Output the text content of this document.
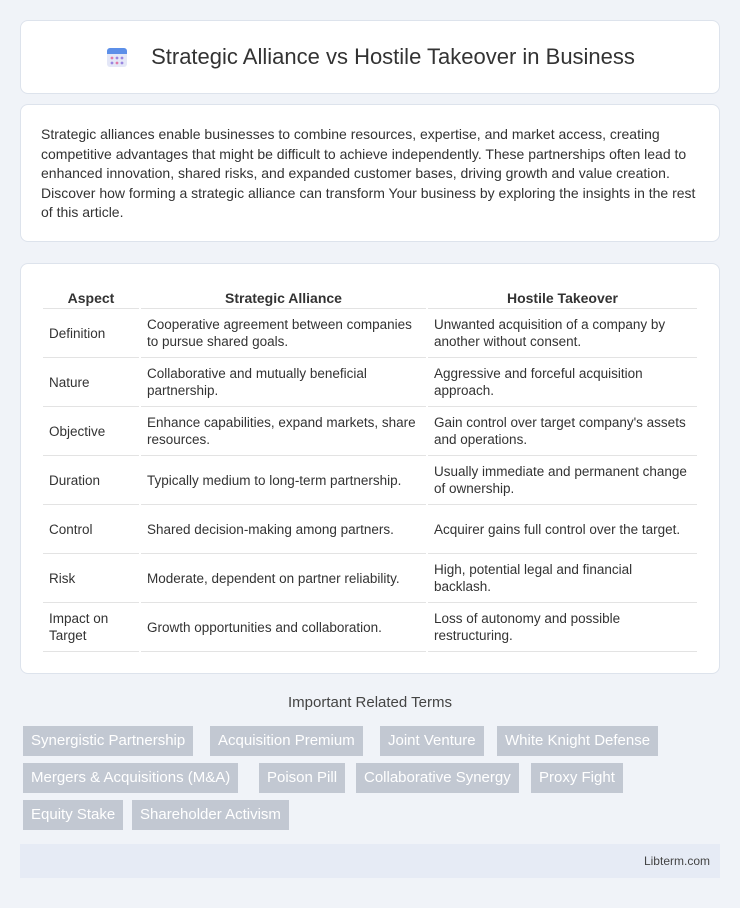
Strategic Alliance vs Hostile Takeover in Business

Strategic alliances enable businesses to combine resources, expertise, and market access, creating competitive advantages that might be difficult to achieve independently. These partnerships often lead to enhanced innovation, shared risks, and expanded customer bases, driving growth and value creation. Discover how forming a strategic alliance can transform Your business by exploring the insights in the rest of this article.

Aspect	Strategic Alliance	Hostile Takeover
Definition	Cooperative agreement between companies to pursue shared goals.	Unwanted acquisition of a company by another without consent.
Nature	Collaborative and mutually beneficial partnership.	Aggressive and forceful acquisition approach.
Objective	Enhance capabilities, expand markets, share resources.	Gain control over target company's assets and operations.
Duration	Typically medium to long-term partnership.	Usually immediate and permanent change of ownership.
Control	Shared decision-making among partners.	Acquirer gains full control over the target.
Risk	Moderate, dependent on partner reliability.	High, potential legal and financial backlash.
Impact on Target	Growth opportunities and collaboration.	Loss of autonomy and possible restructuring.
Important Related Terms
Synergistic Partnership	Acquisition Premium	Joint Venture	White Knight Defense
Mergers & Acquisitions (M&A)	Poison Pill	Collaborative Synergy	Proxy Fight
Equity Stake	Shareholder Activism
Libterm.com
